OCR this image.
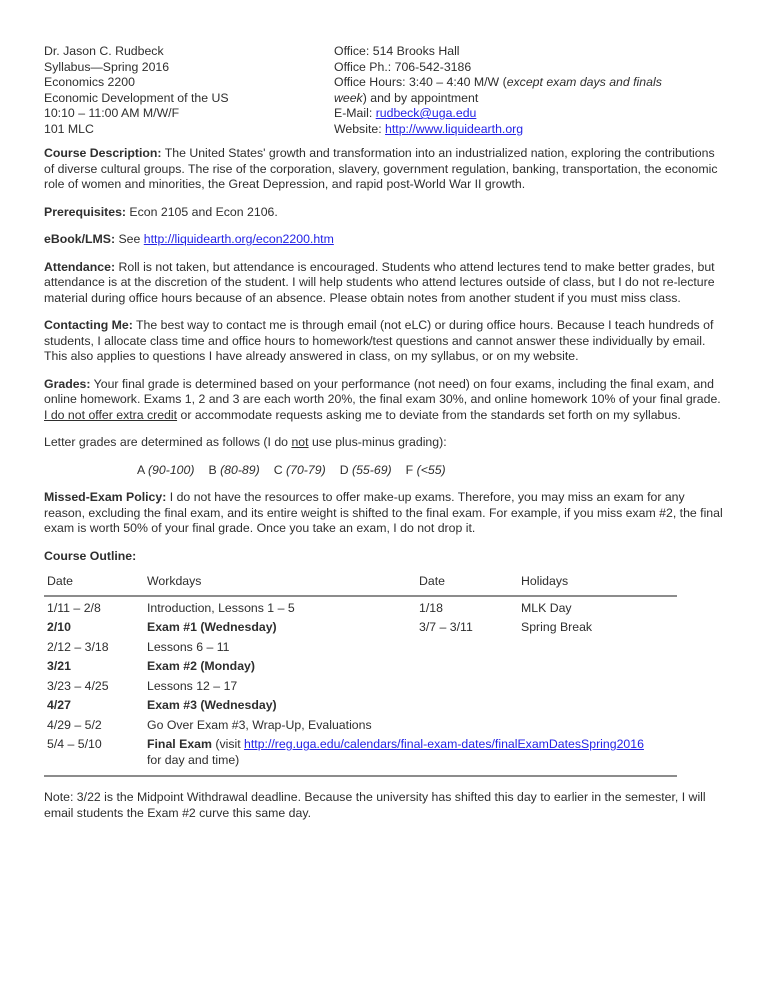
Dr. Jason C. Rudbeck
Syllabus—Spring 2016
Economics 2200
Economic Development of the US
10:10 – 11:00 AM M/W/F
101 MLC
Office: 514 Brooks Hall
Office Ph.: 706-542-3186
Office Hours: 3:40 – 4:40 M/W (except exam days and finals week) and by appointment
E-Mail: rudbeck@uga.edu
Website: http://www.liquidearth.org
Course Description: The United States' growth and transformation into an industrialized nation, exploring the contributions of diverse cultural groups. The rise of the corporation, slavery, government regulation, banking, transportation, the economic role of women and minorities, the Great Depression, and rapid post-World War II growth.
Prerequisites: Econ 2105 and Econ 2106.
eBook/LMS: See http://liquidearth.org/econ2200.htm
Attendance: Roll is not taken, but attendance is encouraged. Students who attend lectures tend to make better grades, but attendance is at the discretion of the student. I will help students who attend lectures outside of class, but I do not re-lecture material during office hours because of an absence. Please obtain notes from another student if you must miss class.
Contacting Me: The best way to contact me is through email (not eLC) or during office hours. Because I teach hundreds of students, I allocate class time and office hours to homework/test questions and cannot answer these individually by email. This also applies to questions I have already answered in class, on my syllabus, or on my website.
Grades: Your final grade is determined based on your performance (not need) on four exams, including the final exam, and online homework. Exams 1, 2 and 3 are each worth 20%, the final exam 30%, and online homework 10% of your final grade. I do not offer extra credit or accommodate requests asking me to deviate from the standards set forth on my syllabus.
Letter grades are determined as follows (I do not use plus-minus grading):
A (90-100) B (80-89) C (70-79) D (55-69) F (<55)
Missed-Exam Policy: I do not have the resources to offer make-up exams. Therefore, you may miss an exam for any reason, excluding the final exam, and its entire weight is shifted to the final exam. For example, if you miss exam #2, the final exam is worth 50% of your final grade. Once you take an exam, I do not drop it.
Course Outline:
Date	Workdays	Date	Holidays
1/11 – 2/8	Introduction, Lessons 1 – 5	1/18	MLK Day
2/10	Exam #1 (Wednesday)	3/7 – 3/11	Spring Break
2/12 – 3/18	Lessons 6 – 11
3/21	Exam #2 (Monday)
3/23 – 4/25	Lessons 12 – 17
4/27	Exam #3 (Wednesday)
4/29 – 5/2	Go Over Exam #3, Wrap-Up, Evaluations
5/4 – 5/10	Final Exam (visit http://reg.uga.edu/calendars/final-exam-dates/finalExamDatesSpring2016
for day and time)
Note: 3/22 is the Midpoint Withdrawal deadline. Because the university has shifted this day to earlier in the semester, I will email students the Exam #2 curve this same day.
